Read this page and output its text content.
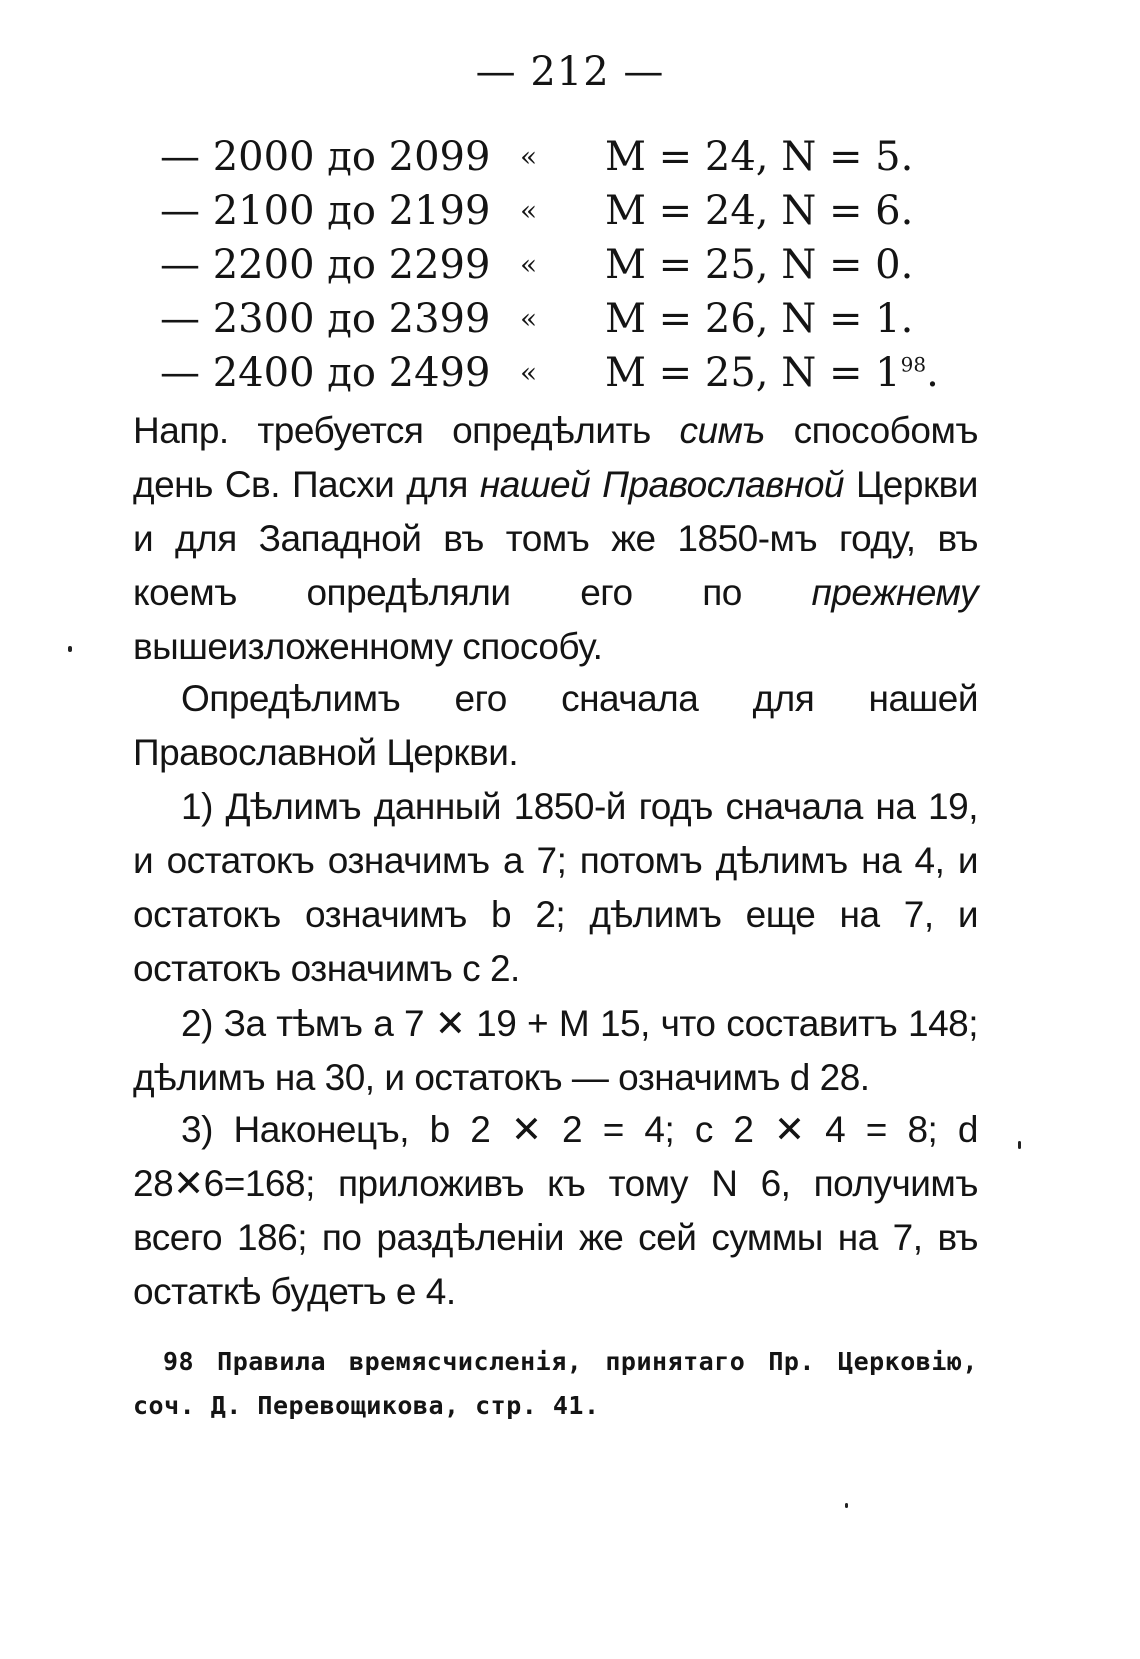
— 212 —
— 2000 до 2099 « M = 24, N = 5.
— 2100 до 2199 « M = 24, N = 6.
— 2200 до 2299 « M = 25, N = 0.
— 2300 до 2399 « M = 26, N = 1.
— 2400 до 2499 « M = 25, $N = 1^{98}$.

Напр. требуется опредѣлить симъ способомъ день Св. Пасхи для нашей Православной Церкви и для Западной въ томъ же 1850-мъ году, въ коемъ опредѣляли его по прежнему вышеизложенному способу.

Опредѣлимъ его сначала для нашей Православной Церкви.

1) Дѣлимъ данный 1850-й годъ сначала на 19, и остатокъ означимъ a 7; потомъ дѣлимъ на 4, и остатокъ означимъ b 2; дѣлимъ еще на 7, и остатокъ означимъ c 2.

2) За тѣмъ a 7 ✕ 19 + M 15, что составитъ 148; дѣлимъ на 30, и остатокъ — означимъ d 28.

3) Наконецъ, b 2 ✕ 2 = 4; c 2 ✕ 4 = 8; d 28✕6=168; приложивъ къ тому N 6, получимъ всего 186; по раздѣленіи же сей суммы на 7, въ остаткѣ будетъ e 4.

98 Правила времясчисленія, принятаго Пр. Церковію, соч. Д. Перевощикова, стр. 41.
